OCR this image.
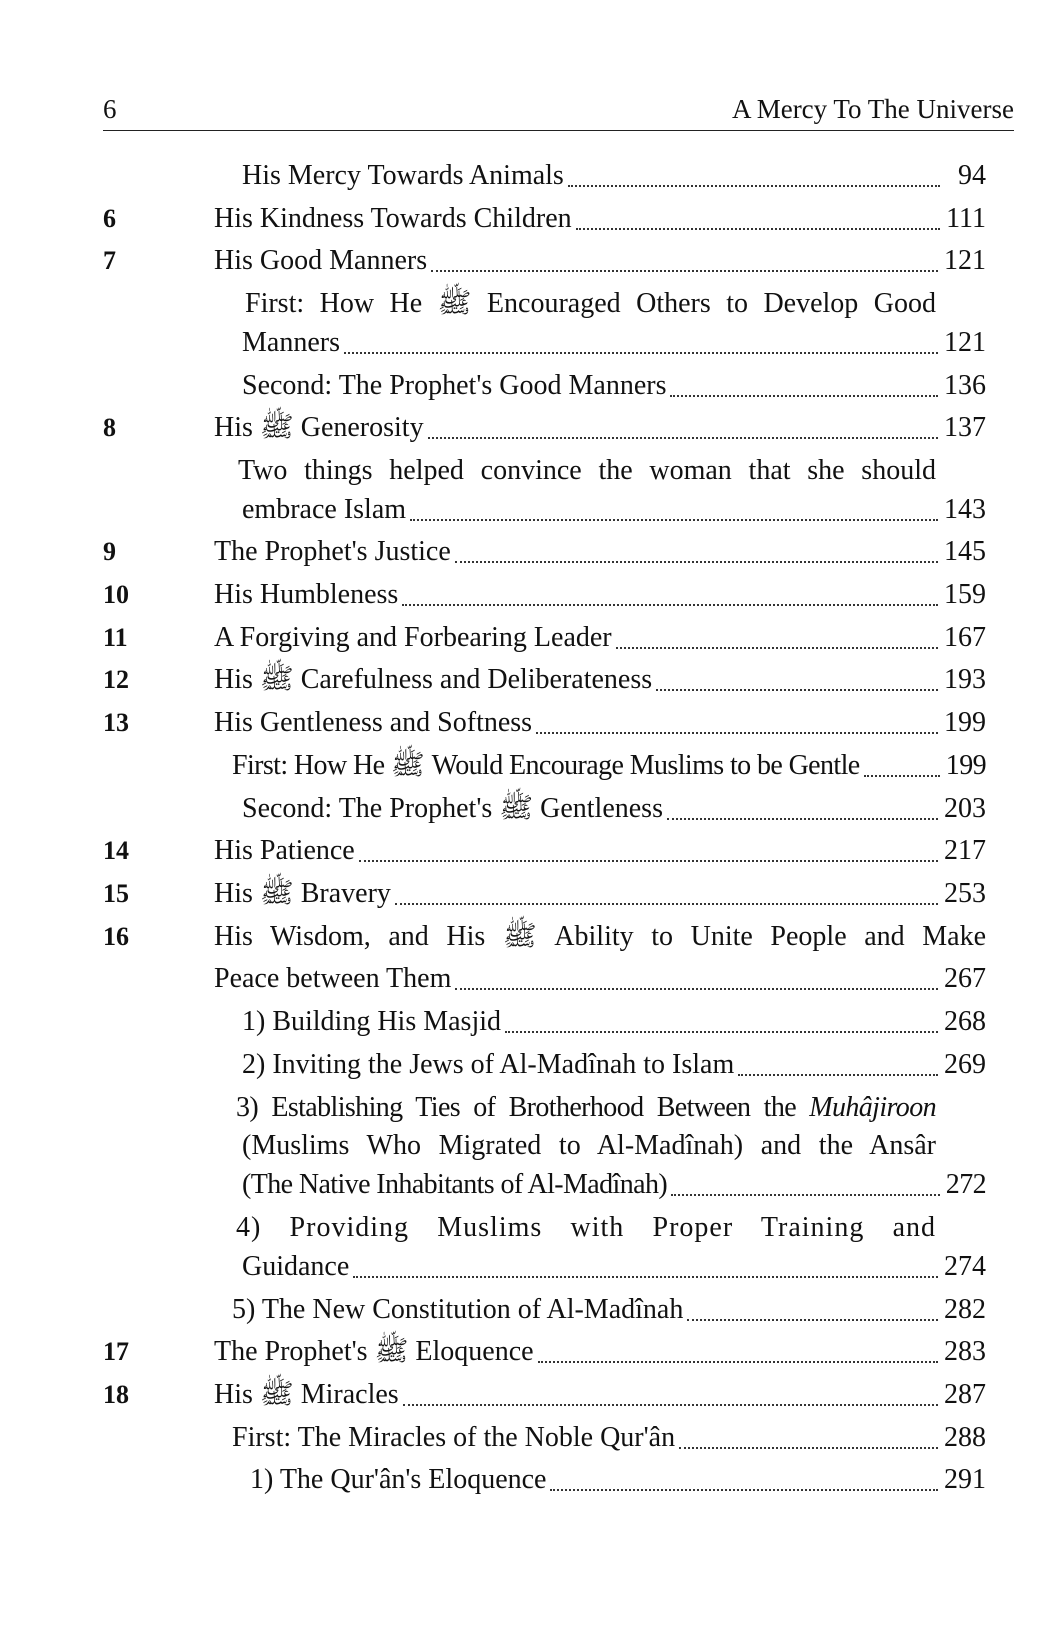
6	A Mercy To The Universe
His Mercy Towards Animals	94
6	His Kindness Towards Children	111
7	His Good Manners	121
First: How He ﷺ Encouraged Others to Develop Good
Manners	121
Second: The Prophet's Good Manners	136
8	His ﷺ Generosity	137
Two things helped convince the woman that she should
embrace Islam	143
9	The Prophet's Justice	145
10	His Humbleness	159
11	A Forgiving and Forbearing Leader	167
12	His ﷺ Carefulness and Deliberateness	193
13	His Gentleness and Softness	199
First: How He ﷺ Would Encourage Muslims to be Gentle	199
Second: The Prophet's ﷺ Gentleness	203
14	His Patience	217
15	His ﷺ Bravery	253
16	His Wisdom, and His ﷺ Ability to Unite People and Make
Peace between Them	267
1) Building His Masjid	268
2) Inviting the Jews of Al-Madînah to Islam	269
3) Establishing Ties of Brotherhood Between the Muhâjiroon
(Muslims Who Migrated to Al-Madînah) and the Ansâr
(The Native Inhabitants of Al-Madînah)	272
4) Providing Muslims with Proper Training and
Guidance	274
5) The New Constitution of Al-Madînah	282
17	The Prophet's ﷺ Eloquence	283
18	His ﷺ Miracles	287
First: The Miracles of the Noble Qur'ân	288
1) The Qur'ân's Eloquence	291
